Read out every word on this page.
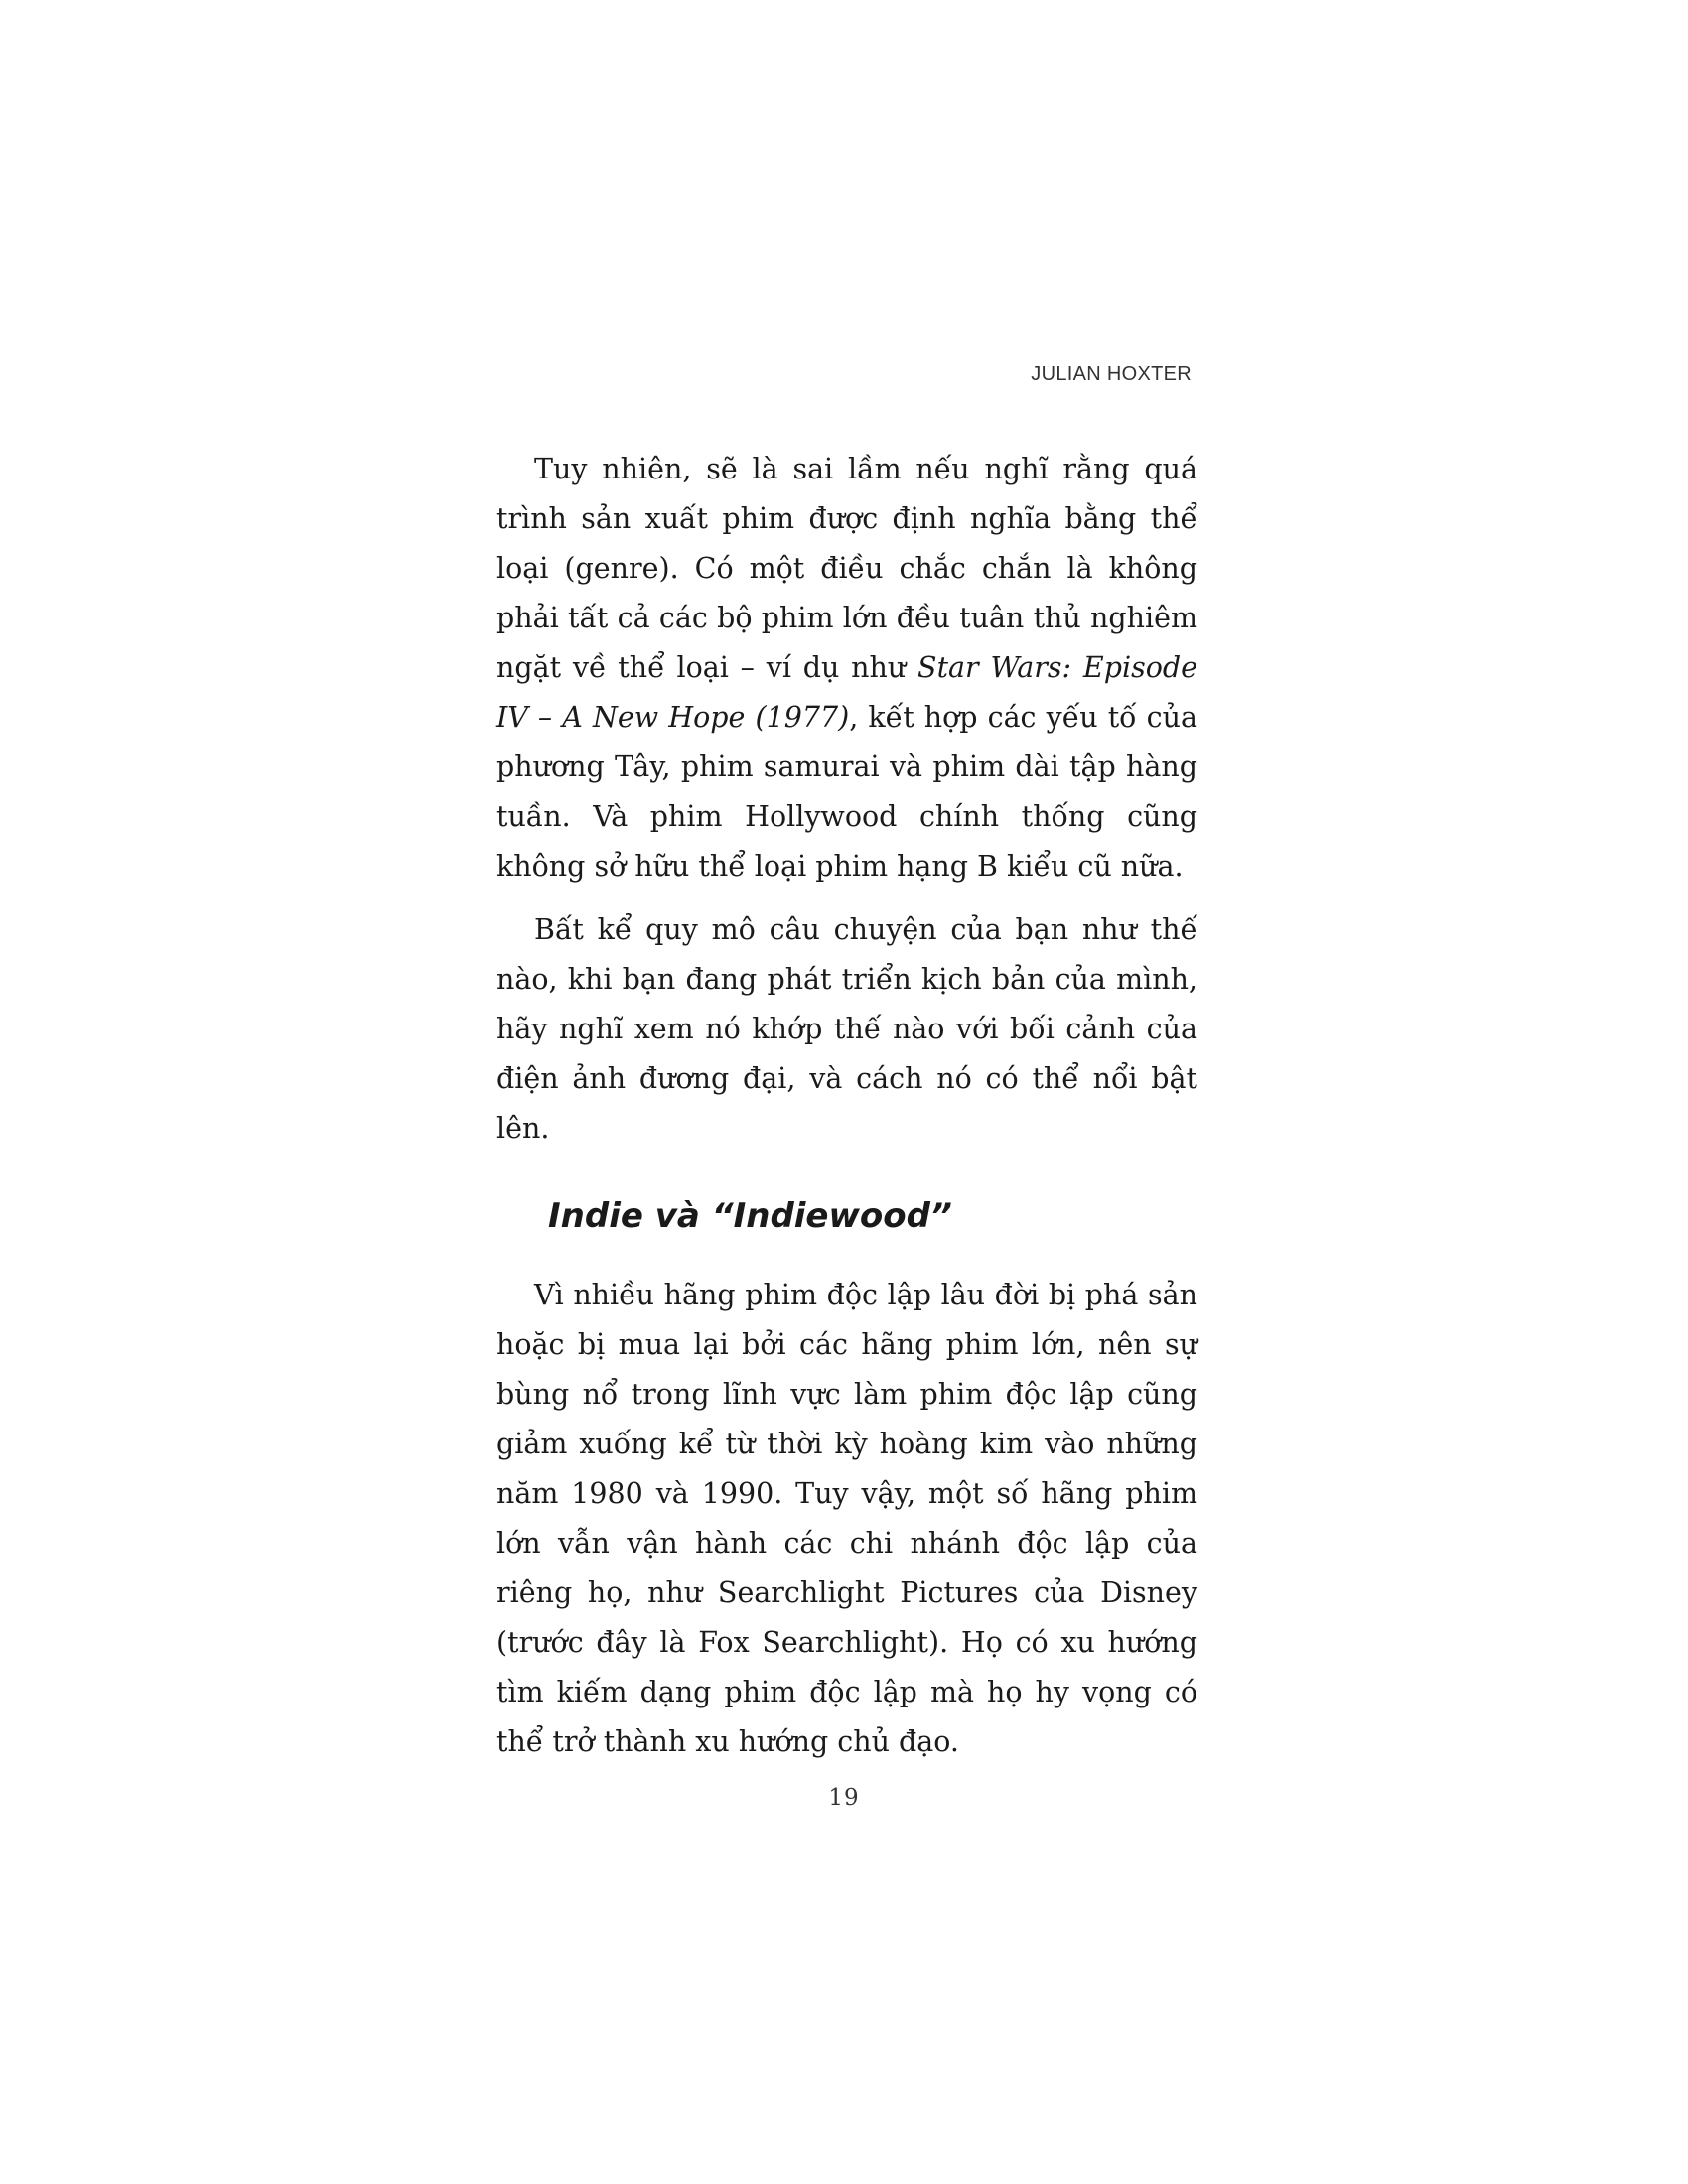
JULIAN HOXTER

Tuy nhiên, sẽ là sai lầm nếu nghĩ rằng quá trình sản xuất phim được định nghĩa bằng thể loại (genre). Có một điều chắc chắn là không phải tất cả các bộ phim lớn đều tuân thủ nghiêm ngặt về thể loại – ví dụ như Star Wars: Episode IV – A New Hope (1977), kết hợp các yếu tố của phương Tây, phim samurai và phim dài tập hàng tuần. Và phim Hollywood chính thống cũng không sở hữu thể loại phim hạng B kiểu cũ nữa.

Bất kể quy mô câu chuyện của bạn như thế nào, khi bạn đang phát triển kịch bản của mình, hãy nghĩ xem nó khớp thế nào với bối cảnh của điện ảnh đương đại, và cách nó có thể nổi bật lên.

Indie và “Indiewood”

Vì nhiều hãng phim độc lập lâu đời bị phá sản hoặc bị mua lại bởi các hãng phim lớn, nên sự bùng nổ trong lĩnh vực làm phim độc lập cũng giảm xuống kể từ thời kỳ hoàng kim vào những năm 1980 và 1990. Tuy vậy, một số hãng phim lớn vẫn vận hành các chi nhánh độc lập của riêng họ, như Searchlight Pictures của Disney (trước đây là Fox Searchlight). Họ có xu hướng tìm kiếm dạng phim độc lập mà họ hy vọng có thể trở thành xu hướng chủ đạo.

19
